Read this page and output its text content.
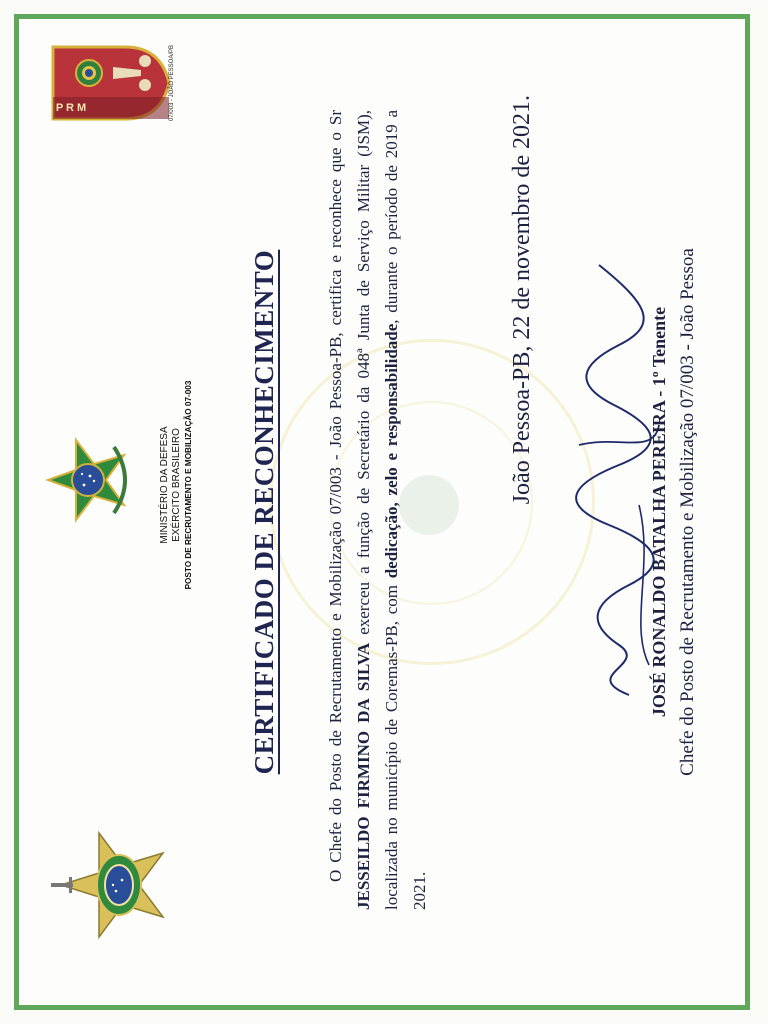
P R M	07/003 - JOÃO PESSOA/PB
MINISTÉRIO DA DEFESA EXÉRCITO BRASILEIRO POSTO DE RECRUTAMENTO E MOBILIZAÇÃO 07-003 CERTIFICADO DE RECONHECIMENTO	O Chefe do Posto de Recrutamento e Mobilização 07/003 - João Pessoa-PB, certifica e reconhece que o Sr JESSEILDO FIRMINO DA SILVA exerceu a função de Secretário da 048ª Junta de Serviço Militar (JSM), localizada no município de Coremas-PB, com dedicação, zelo e responsabilidade, durante o período de 2019 a 2021.

João Pessoa-PB, 22 de novembro de 2021.
JOSÉ RONALDO BATALHA PEREIRA - 1º Tenente Chefe do Posto de Recrutamento e Mobilização 07/003 - João Pessoa
